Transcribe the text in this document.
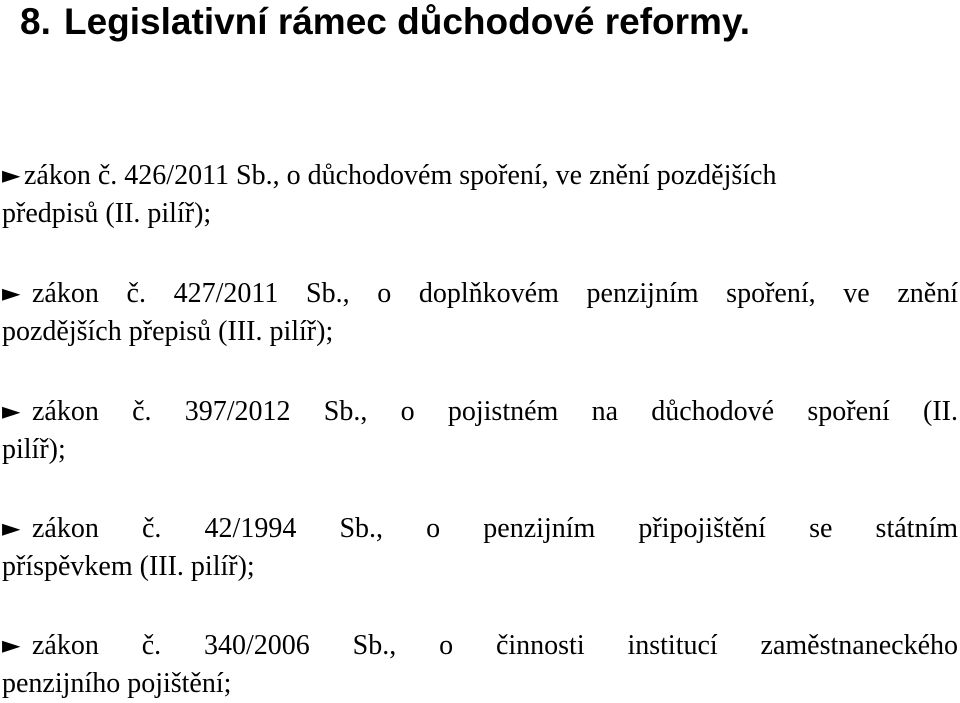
8. Legislativní rámec důchodové reformy.
► zákon č. 426/2011 Sb., o důchodovém spoření, ve znění pozdějších
předpisů (II. pilíř);
► zákon č. 427/2011 Sb., o doplňkovém penzijním spoření, ve znění
pozdějších přepisů (III. pilíř);
► zákon č. 397/2012 Sb., o pojistném na důchodové spoření (II.
pilíř);
► zákon č. 42/1994 Sb., o penzijním připojištění se státním
příspěvkem (III. pilíř);
► zákon č. 340/2006 Sb., o činnosti institucí zaměstnaneckého
penzijního pojištění;
